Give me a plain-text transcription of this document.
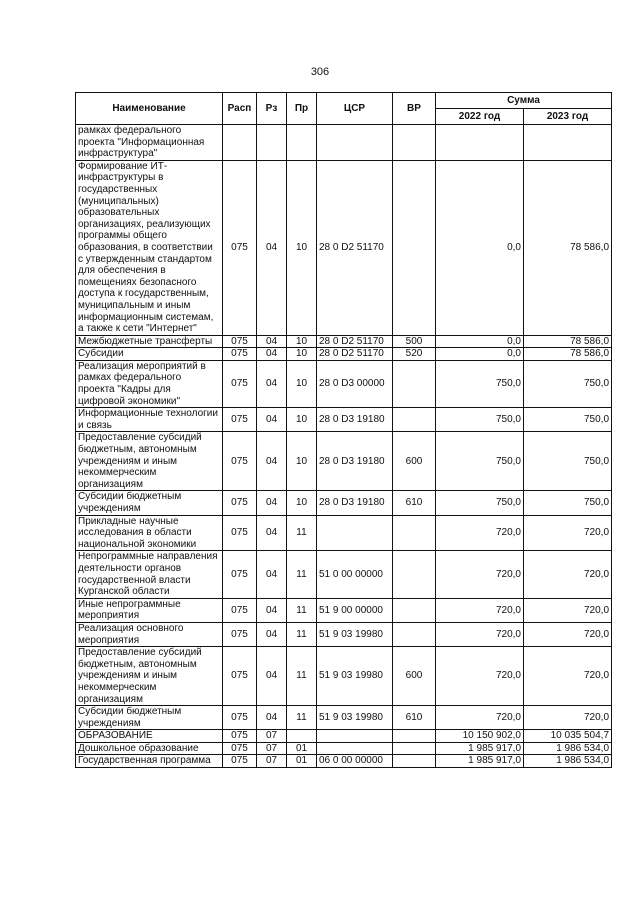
306
Наименование	Расп	Рз	Пр	ЦСР	ВР	Сумма	
						2022 год	2023 год
рамках федерального проекта "Информационная инфраструктура"							
Формирование ИТ-инфраструктуры в государственных (муниципальных) образовательных организациях, реализующих программы общего образования, в соответствии с утвержденным стандартом для обеспечения в помещениях безопасного доступа к государственным, муниципальным и иным информационным системам, а также к сети "Интернет"	075	04	10	28 0 D2 51170		0,0	78 586,0
Межбюджетные трансферты	075	04	10	28 0 D2 51170	500	0,0	78 586,0
Субсидии	075	04	10	28 0 D2 51170	520	0,0	78 586,0
Реализация мероприятий в рамках федерального проекта "Кадры для цифровой экономики"	075	04	10	28 0 D3 00000		750,0	750,0
Информационные технологии и связь	075	04	10	28 0 D3 19180		750,0	750,0
Предоставление субсидий бюджетным, автономным учреждениям и иным некоммерческим организациям	075	04	10	28 0 D3 19180	600	750,0	750,0
Субсидии бюджетным учреждениям	075	04	10	28 0 D3 19180	610	750,0	750,0
Прикладные научные исследования в области национальной экономики	075	04	11			720,0	720,0
Непрограммные направления деятельности органов государственной власти Курганской области	075	04	11	51 0 00 00000		720,0	720,0
Иные непрограммные мероприятия	075	04	11	51 9 00 00000		720,0	720,0
Реализация основного мероприятия	075	04	11	51 9 03 19980		720,0	720,0
Предоставление субсидий бюджетным, автономным учреждениям и иным некоммерческим организациям	075	04	11	51 9 03 19980	600	720,0	720,0
Субсидии бюджетным учреждениям	075	04	11	51 9 03 19980	610	720,0	720,0
ОБРАЗОВАНИЕ	075	07				10 150 902,0	10 035 504,7
Дошкольное образование	075	07	01			1 985 917,0	1 986 534,0
Государственная программа	075	07	01	06 0 00 00000		1 985 917,0	1 986 534,0
